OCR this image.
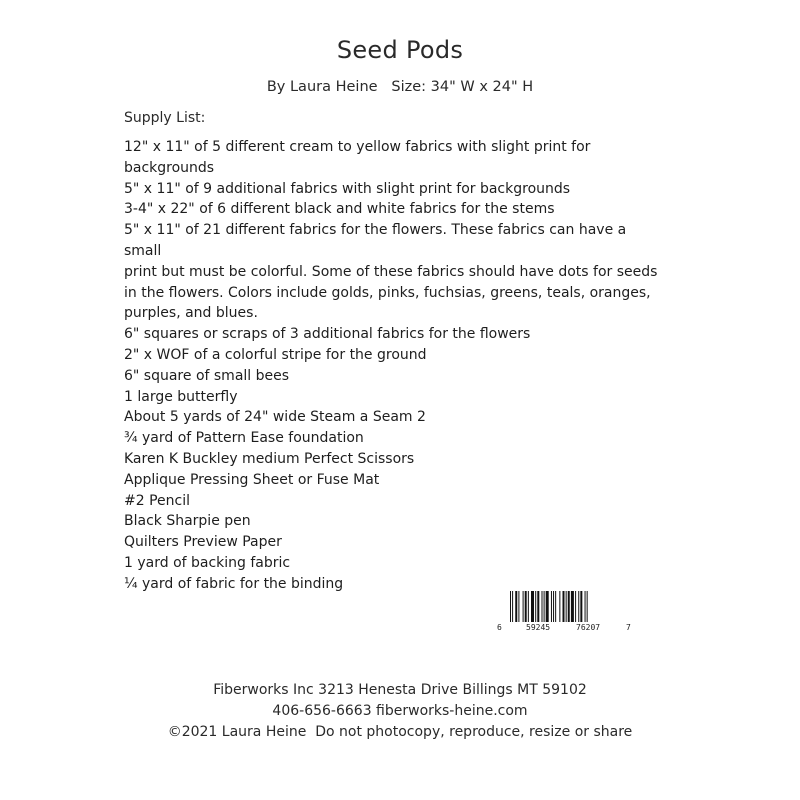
Seed Pods
By Laura Heine   Size: 34" W x 24" H
Supply List:
12" x 11" of 5 different cream to yellow fabrics with slight print for
backgrounds
5" x 11" of 9 additional fabrics with slight print for backgrounds
3-4" x 22" of 6 different black and white fabrics for the stems
5" x 11" of 21 different fabrics for the flowers. These fabrics can have a small
print but must be colorful. Some of these fabrics should have dots for seeds
in the flowers. Colors include golds, pinks, fuchsias, greens, teals, oranges,
purples, and blues.
6" squares or scraps of 3 additional fabrics for the flowers
2" x WOF of a colorful stripe for the ground
6" square of small bees
1 large butterfly
About 5 yards of 24" wide Steam a Seam 2
¾ yard of Pattern Ease foundation
Karen K Buckley medium Perfect Scissors
Applique Pressing Sheet or Fuse Mat
#2 Pencil
Black Sharpie pen
Quilters Preview Paper
1 yard of backing fabric
¼ yard of fabric for the binding
6	59245	76207	7
Fiberworks Inc 3213 Henesta Drive Billings MT 59102
406-656-6663 fiberworks-heine.com
©2021 Laura Heine  Do not photocopy, reproduce, resize or share
